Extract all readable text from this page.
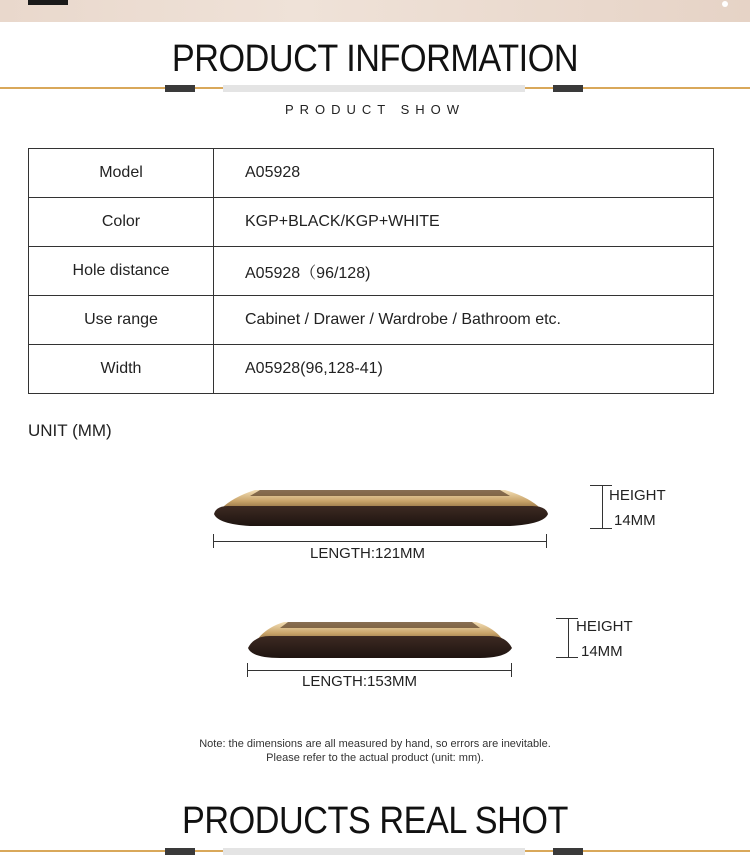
PRODUCT INFORMATION
PRODUCT SHOW
Model	A05928
Color	KGP+BLACK/KGP+WHITE
Hole distance	A05928（96/128)
Use range	Cabinet / Drawer / Wardrobe / Bathroom etc.
Width	A05928(96,128-41)
UNIT (MM)
LENGTH:121MM
HEIGHT
14MM
LENGTH:153MM
HEIGHT
14MM
Note: the dimensions are all measured by hand, so errors are inevitable.
Please refer to the actual product (unit: mm).
PRODUCTS REAL SHOT
